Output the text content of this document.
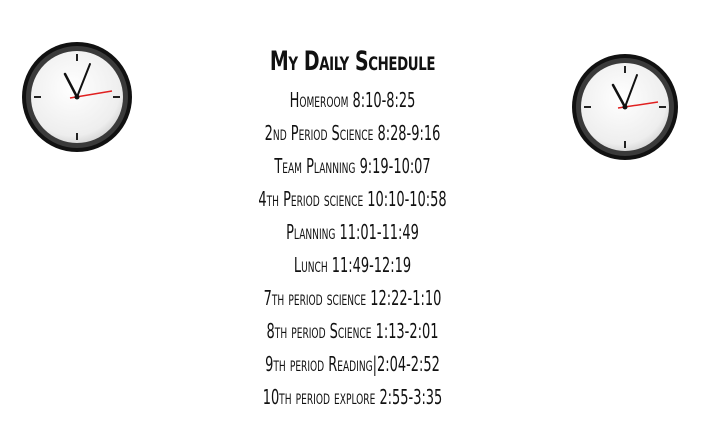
My Daily Schedule
Homeroom 8:10-8:25
2nd Period Science 8:28-9:16
Team Planning 9:19-10:07
4th Period science 10:10-10:58
Planning 11:01-11:49
Lunch 11:49-12:19
7th period science 12:22-1:10
8th period Science 1:13-2:01
9th period Reading|2:04-2:52
10th period explore 2:55-3:35
